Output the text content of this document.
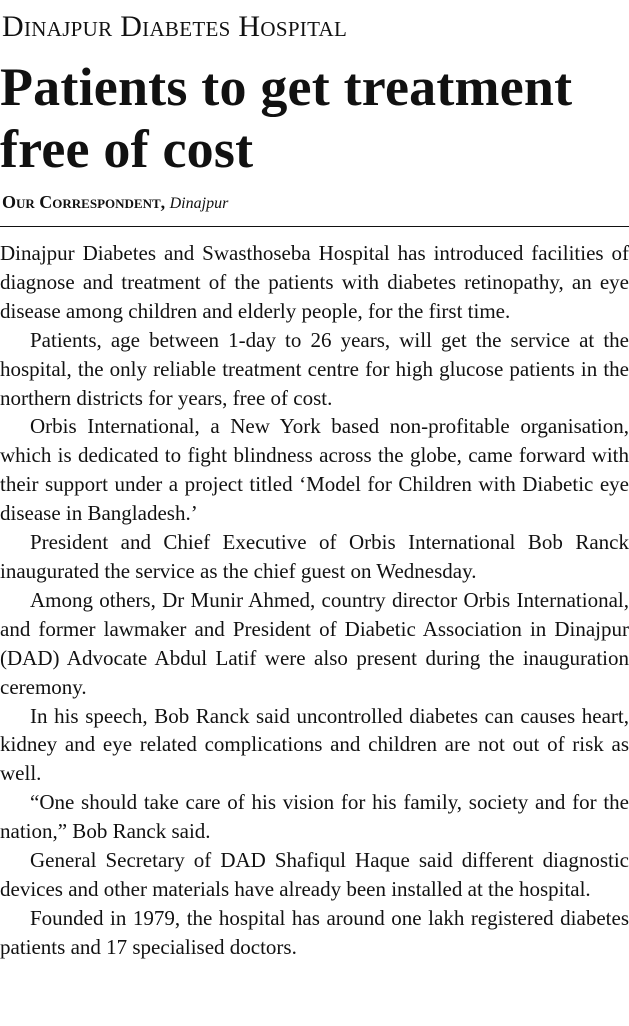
Dinajpur Diabetes Hospital
Patients to get treatment free of cost
Our Correspondent, Dinajpur

Dinajpur Diabetes and Swasthoseba Hospital has introduced facilities of diagnose and treatment of the patients with diabetes retinopathy, an eye disease among children and elderly people, for the first time.

Patients, age between 1-day to 26 years, will get the service at the hospital, the only reliable treatment centre for high glucose patients in the northern districts for years, free of cost.

Orbis International, a New York based non-profitable organisation, which is dedicated to fight blindness across the globe, came forward with their support under a project titled ‘Model for Children with Diabetic eye disease in Bangladesh.’

President and Chief Executive of Orbis International Bob Ranck inaugurated the service as the chief guest on Wednesday.

Among others, Dr Munir Ahmed, country director Orbis International, and former lawmaker and President of Diabetic Association in Dinajpur (DAD) Advocate Abdul Latif were also present during the inauguration ceremony.

In his speech, Bob Ranck said uncontrolled diabetes can causes heart, kidney and eye related complications and children are not out of risk as well.

“One should take care of his vision for his family, society and for the nation,” Bob Ranck said.

General Secretary of DAD Shafiqul Haque said different diagnostic devices and other materials have already been installed at the hospital.

Founded in 1979, the hospital has around one lakh registered diabetes patients and 17 specialised doctors.
